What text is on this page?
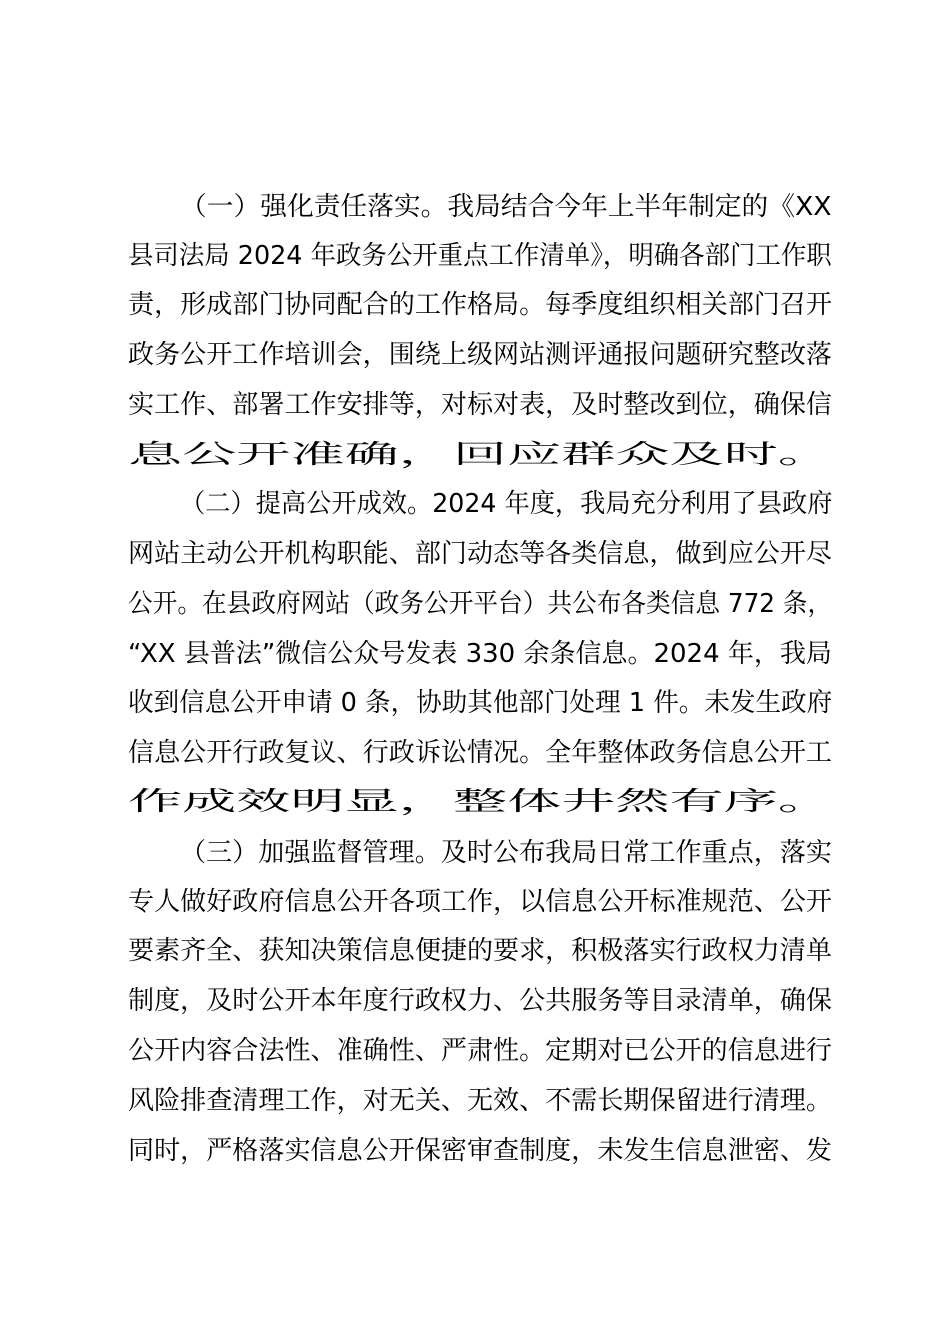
（一）强化责任落实。我局结合今年上半年制定的《XX
县司法局 2024 年政务公开重点工作清单》，明确各部门工作职
责，形成部门协同配合的工作格局。每季度组织相关部门召开
政务公开工作培训会，围绕上级网站测评通报问题研究整改落
实工作、部署工作安排等，对标对表，及时整改到位，确保信
息公开准确，回应群众及时。
（二）提高公开成效。2024 年度，我局充分利用了县政府
网站主动公开机构职能、部门动态等各类信息，做到应公开尽
公开。在县政府网站（政务公开平台）共公布各类信息 772 条，
“XX 县普法”微信公众号发表 330 余条信息。2024 年，我局
收到信息公开申请 0 条，协助其他部门处理 1 件。未发生政府
信息公开行政复议、行政诉讼情况。全年整体政务信息公开工
作成效明显，整体井然有序。
（三）加强监督管理。及时公布我局日常工作重点，落实
专人做好政府信息公开各项工作，以信息公开标准规范、公开
要素齐全、获知决策信息便捷的要求，积极落实行政权力清单
制度，及时公开本年度行政权力、公共服务等目录清单，确保
公开内容合法性、准确性、严肃性。定期对已公开的信息进行
风险排查清理工作，对无关、无效、不需长期保留进行清理。
同时，严格落实信息公开保密审查制度，未发生信息泄密、发
